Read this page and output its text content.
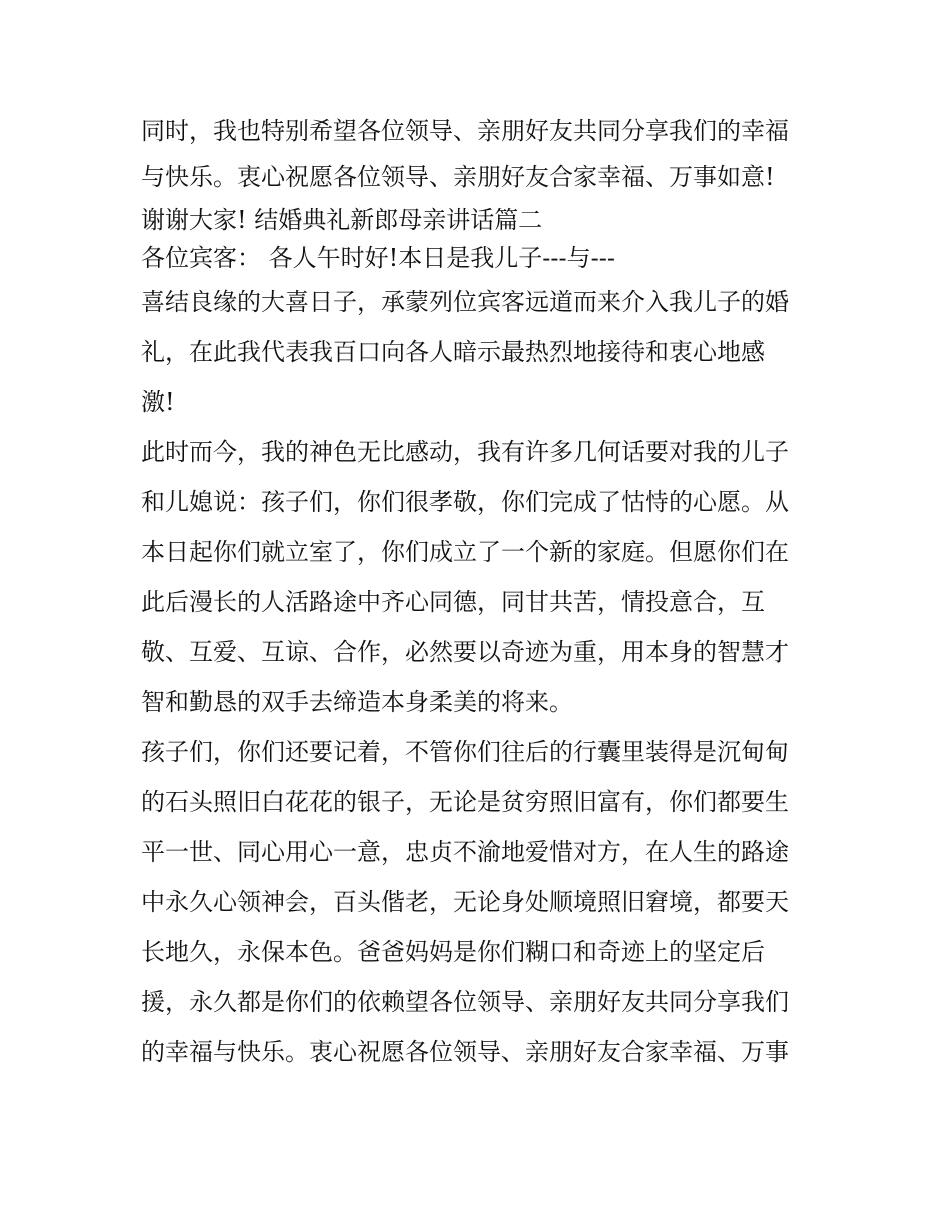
同时，我也特别希望各位领导、亲朋好友共同分享我们的幸福
与快乐。衷心祝愿各位领导、亲朋好友合家幸福、万事如意!
谢谢大家! 结婚典礼新郎母亲讲话篇二
各位宾客： 各人午时好!本日是我儿子---与---
喜结良缘的大喜日子，承蒙列位宾客远道而来介入我儿子的婚
礼，在此我代表我百口向各人暗示最热烈地接待和衷心地感
激!
此时而今，我的神色无比感动，我有许多几何话要对我的儿子
和儿媳说：孩子们，你们很孝敬，你们完成了怙恃的心愿。从
本日起你们就立室了，你们成立了一个新的家庭。但愿你们在
此后漫长的人活路途中齐心同德，同甘共苦，情投意合，互
敬、互爱、互谅、合作，必然要以奇迹为重，用本身的智慧才
智和勤恳的双手去缔造本身柔美的将来。
孩子们，你们还要记着，不管你们往后的行囊里装得是沉甸甸
的石头照旧白花花的银子，无论是贫穷照旧富有，你们都要生
平一世、同心用心一意，忠贞不渝地爱惜对方，在人生的路途
中永久心领神会，百头偕老，无论身处顺境照旧窘境，都要天
长地久，永保本色。爸爸妈妈是你们糊口和奇迹上的坚定后
援，永久都是你们的依赖望各位领导、亲朋好友共同分享我们
的幸福与快乐。衷心祝愿各位领导、亲朋好友合家幸福、万事
